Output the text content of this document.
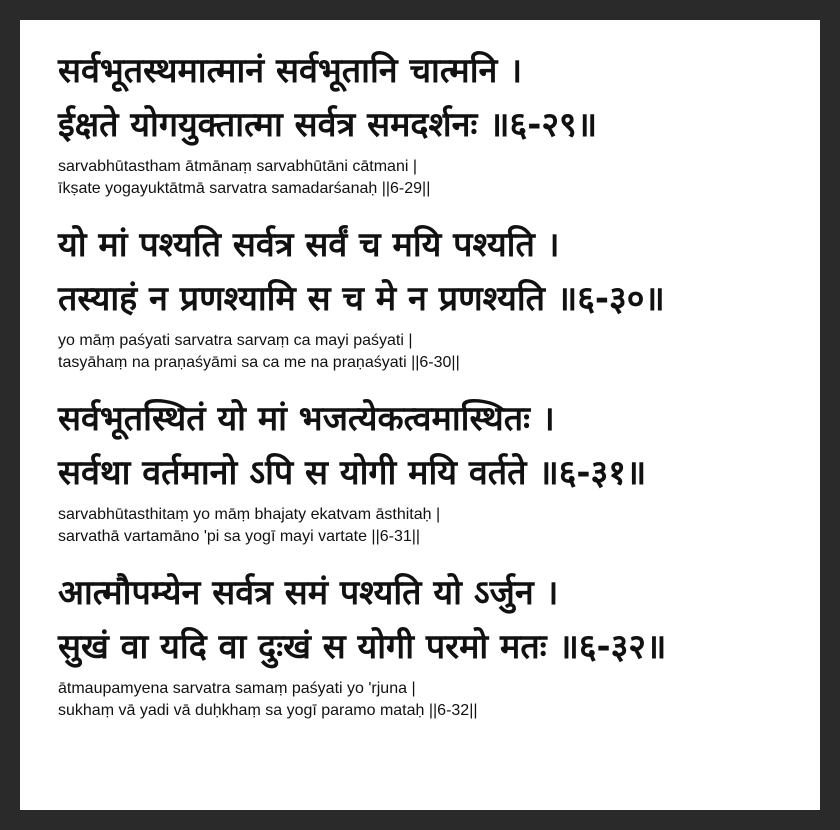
सर्वभूतस्थमात्मानं सर्वभूतानि चात्मनि ।
ईक्षते योगयुक्तात्मा सर्वत्र समदर्शनः ॥६-२९॥
sarvabhūtastham ātmānaṃ sarvabhūtāni cātmani |
īkṣate yogayuktātmā sarvatra samadarśanaḥ ||6-29||
यो मां पश्यति सर्वत्र सर्वं च मयि पश्यति ।
तस्याहं न प्रणश्यामि स च मे न प्रणश्यति ॥६-३०॥
yo māṃ paśyati sarvatra sarvaṃ ca mayi paśyati |
tasyāhaṃ na praṇaśyāmi sa ca me na praṇaśyati ||6-30||
सर्वभूतस्थितं यो मां भजत्येकत्वमास्थितः ।
सर्वथा वर्तमानो ऽपि स योगी मयि वर्तते ॥६-३१॥
sarvabhūtasthitaṃ yo māṃ bhajaty ekatvam āsthitaḥ |
sarvathā vartamāno 'pi sa yogī mayi vartate ||6-31||
आत्मौपम्येन सर्वत्र समं पश्यति यो ऽर्जुन ।
सुखं वा यदि वा दुःखं स योगी परमो मतः ॥६-३२॥
ātmaupamyena sarvatra samaṃ paśyati yo 'rjuna |
sukhaṃ vā yadi vā duḥkhaṃ sa yogī paramo mataḥ ||6-32||
